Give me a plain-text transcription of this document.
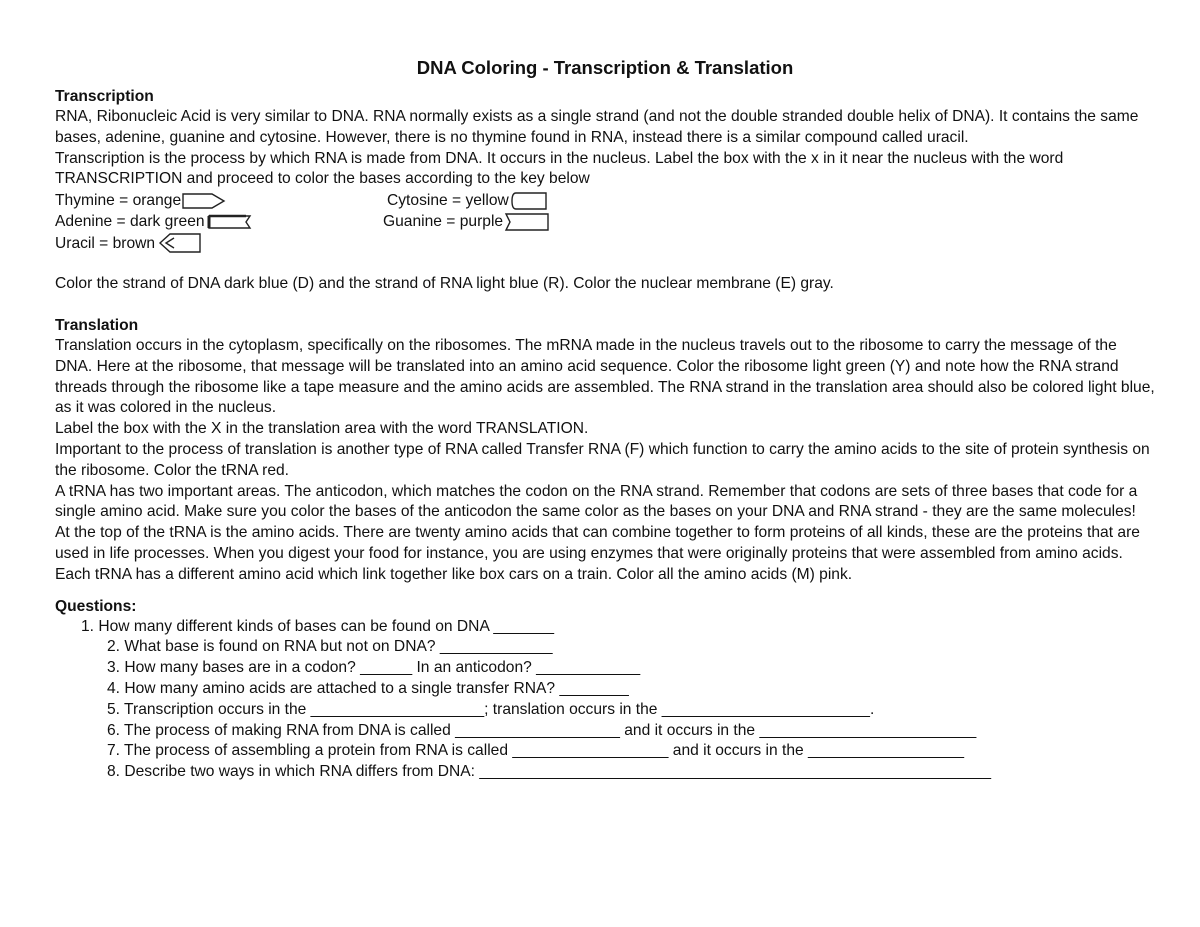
DNA Coloring - Transcription & Translation
Transcription

RNA, Ribonucleic Acid is very similar to DNA. RNA normally exists as a single strand (and not the double stranded double helix of DNA). It contains the same bases, adenine, guanine and cytosine. However, there is no thymine found in RNA, instead there is a similar compound called uracil.

Transcription is the process by which RNA is made from DNA. It occurs in the nucleus. Label the box with the x in it near the nucleus with the word TRANSCRIPTION and proceed to color the bases according to the key below

Thymine = orange	Cytosine = yellow
Adenine = dark green	Guanine = purple
Uracil = brown

Color the strand of DNA dark blue (D) and the strand of RNA light blue (R). Color the nuclear membrane (E) gray.

Translation

Translation occurs in the cytoplasm, specifically on the ribosomes. The mRNA made in the nucleus travels out to the ribosome to carry the message of the DNA. Here at the ribosome, that message will be translated into an amino acid sequence. Color the ribosome light green (Y) and note how the RNA strand threads through the ribosome like a tape measure and the amino acids are assembled. The RNA strand in the translation area should also be colored light blue, as it was colored in the nucleus.

Label the box with the X in the translation area with the word TRANSLATION.

Important to the process of translation is another type of RNA called Transfer RNA (F) which function to carry the amino acids to the site of protein synthesis on the ribosome. Color the tRNA red.

A tRNA has two important areas. The anticodon, which matches the codon on the RNA strand. Remember that codons are sets of three bases that code for a single amino acid. Make sure you color the bases of the anticodon the same color as the bases on your DNA and RNA strand - they are the same molecules!

At the top of the tRNA is the amino acids. There are twenty amino acids that can combine together to form proteins of all kinds, these are the proteins that are used in life processes. When you digest your food for instance, you are using enzymes that were originally proteins that were assembled from amino acids. Each tRNA has a different amino acid which link together like box cars on a train. Color all the amino acids (M) pink.

Questions:
1. How many different kinds of bases can be found on DNA _______
2. What base is found on RNA but not on DNA? _____________
3. How many bases are in a codon? ______ In an anticodon? ____________
4. How many amino acids are attached to a single transfer RNA? ________
5. Transcription occurs in the ____________________; translation occurs in the ________________________.
6. The process of making RNA from DNA is called ___________________ and it occurs in the _________________________
7. The process of assembling a protein from RNA is called __________________ and it occurs in the __________________
8. Describe two ways in which RNA differs from DNA: ___________________________________________________________
